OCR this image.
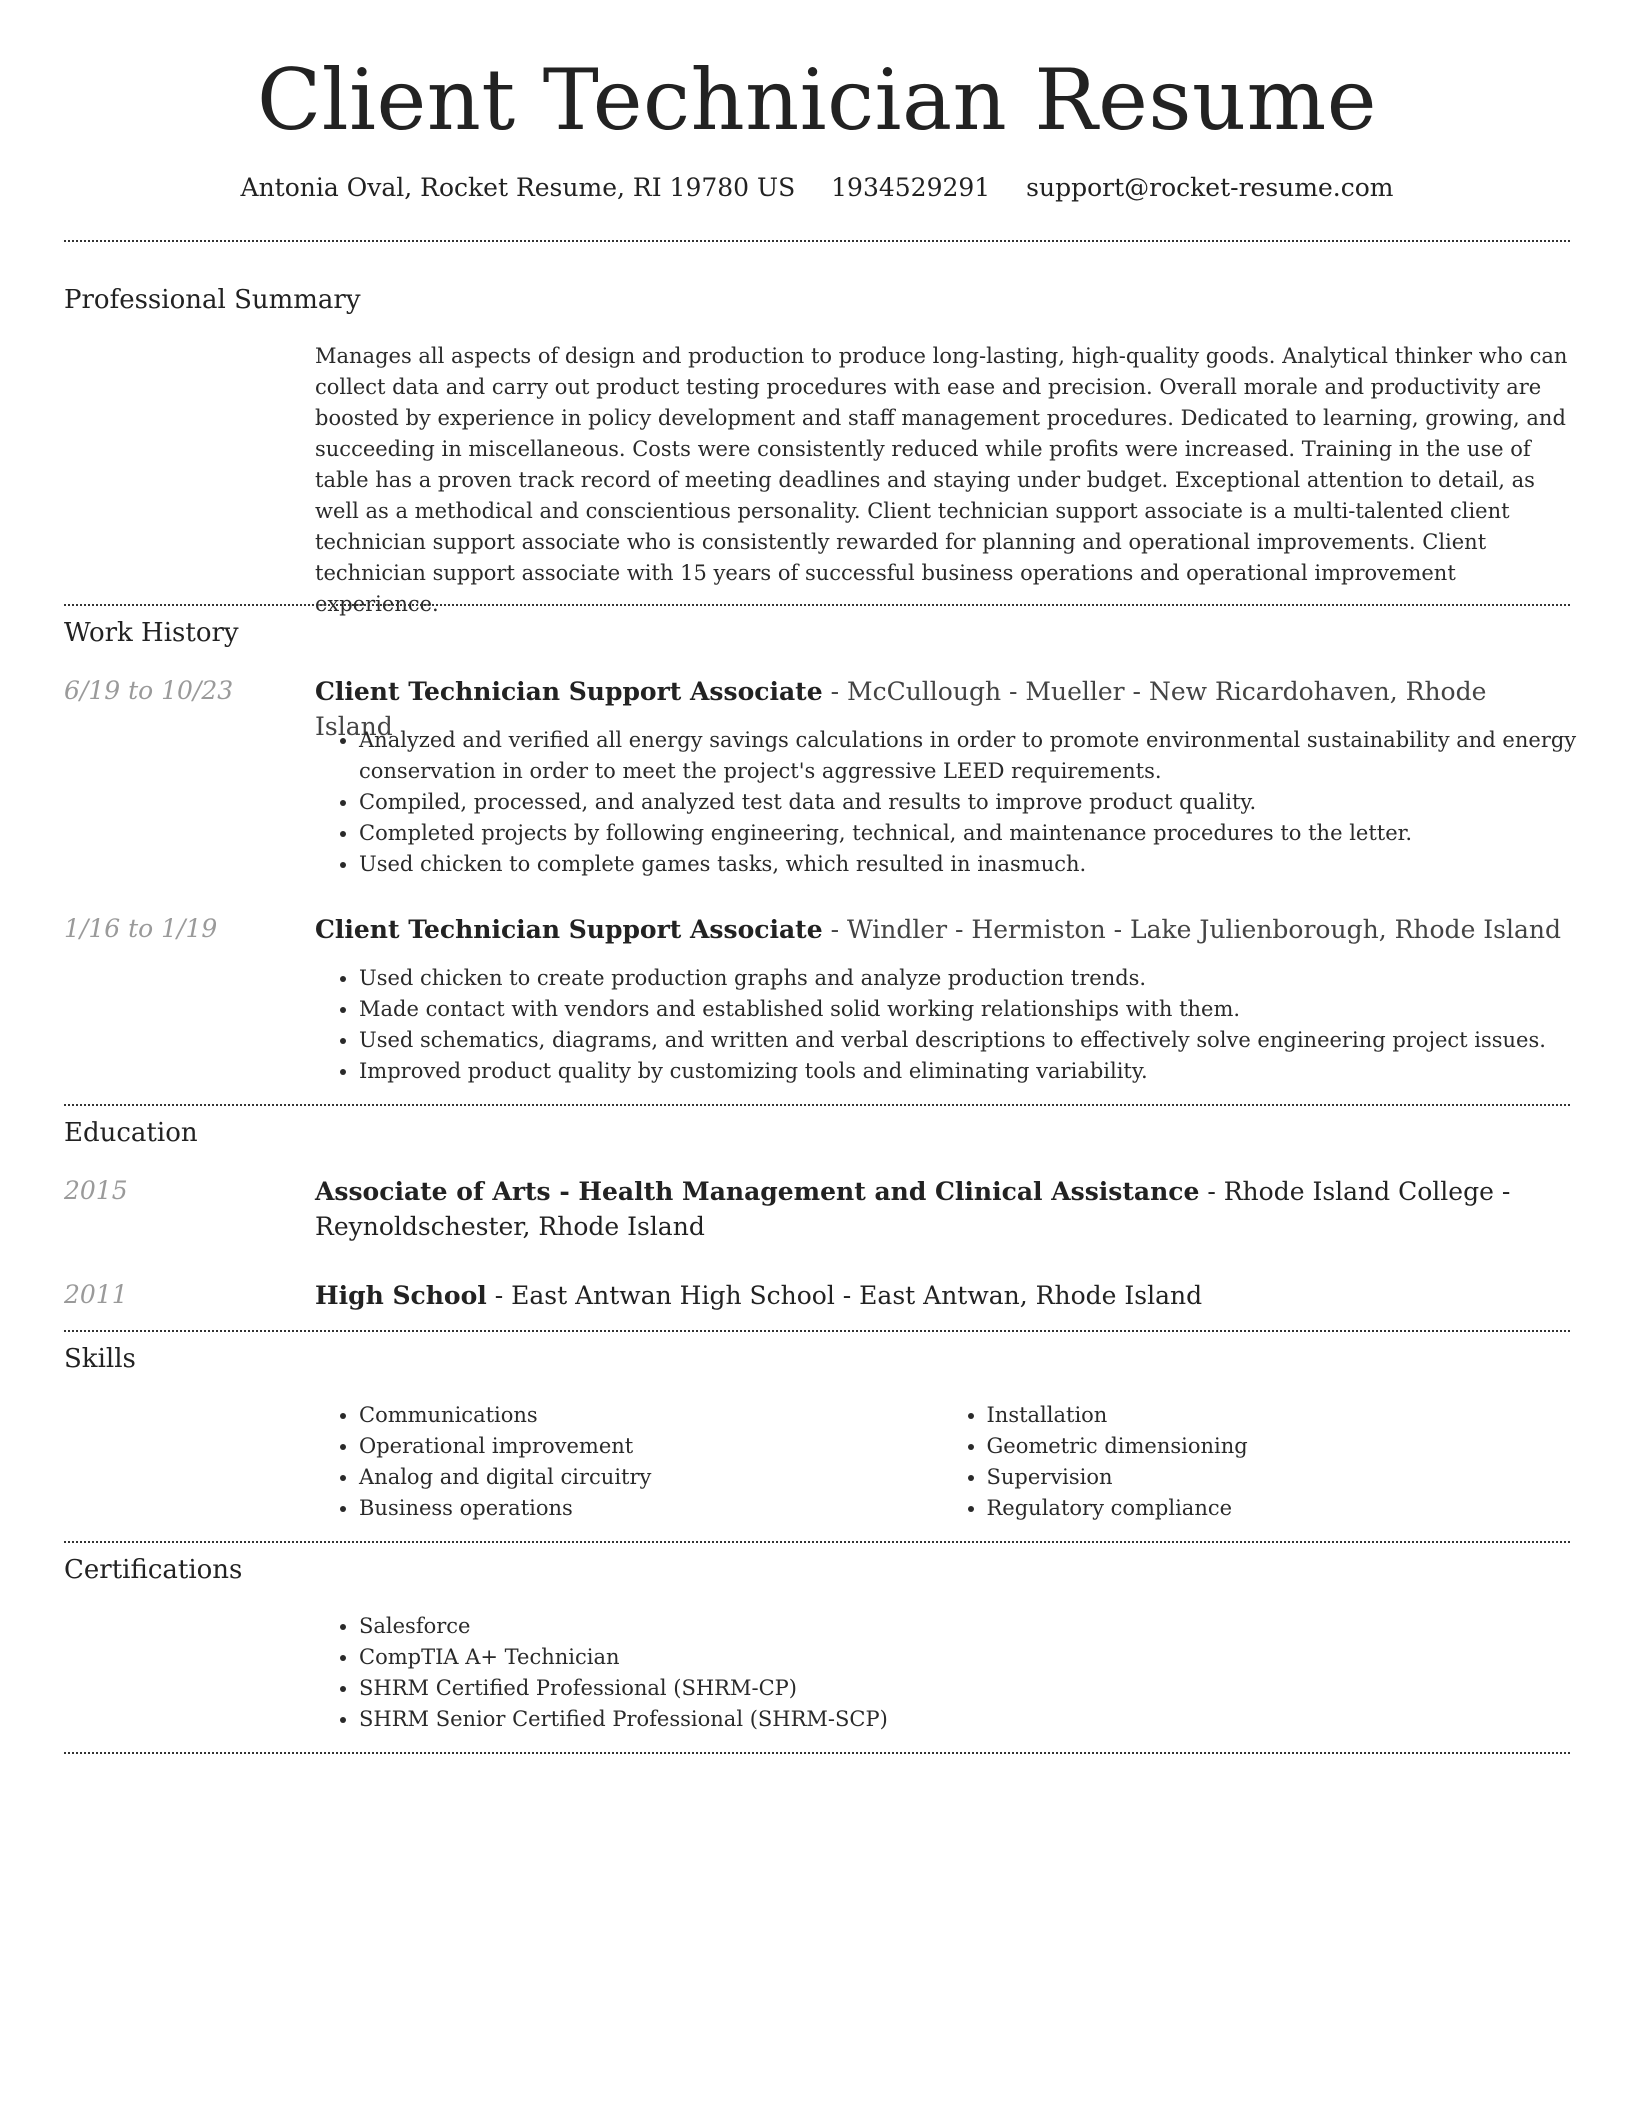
Client Technician Resume
Antonia Oval, Rocket Resume, RI 19780 US 1934529291 support@rocket-resume.com
Professional Summary

Manages all aspects of design and production to produce long-lasting, high-quality goods. Analytical thinker who can collect data and carry out product testing procedures with ease and precision. Overall morale and productivity are boosted by experience in policy development and staff management procedures. Dedicated to learning, growing, and succeeding in miscellaneous. Costs were consistently reduced while profits were increased. Training in the use of table has a proven track record of meeting deadlines and staying under budget. Exceptional attention to detail, as well as a methodical and conscientious personality. Client technician support associate is a multi-talented client technician support associate who is consistently rewarded for planning and operational improvements. Client technician support associate with 15 years of successful business operations and operational improvement experience.

Work History
6/19 to 10/23	Client Technician Support Associate - McCullough - Mueller - New Ricardohaven, Rhode Island
• Analyzed and verified all energy savings calculations in order to promote environmental sustainability and energy conservation in order to meet the project's aggressive LEED requirements.
• Compiled, processed, and analyzed test data and results to improve product quality.
• Completed projects by following engineering, technical, and maintenance procedures to the letter.
• Used chicken to complete games tasks, which resulted in inasmuch.
1/16 to 1/19	Client Technician Support Associate - Windler - Hermiston - Lake Julienborough, Rhode Island
• Used chicken to create production graphs and analyze production trends.
• Made contact with vendors and established solid working relationships with them.
• Used schematics, diagrams, and written and verbal descriptions to effectively solve engineering project issues.
• Improved product quality by customizing tools and eliminating variability.
Education
2015	Associate of Arts - Health Management and Clinical Assistance - Rhode Island College - Reynoldschester, Rhode Island
2011	High School - East Antwan High School - East Antwan, Rhode Island
Skills
• Communications
• Operational improvement
• Analog and digital circuitry
• Business operations
• Installation
• Geometric dimensioning
• Supervision
• Regulatory compliance
Certifications
• Salesforce
• CompTIA A+ Technician
• SHRM Certified Professional (SHRM-CP)
• SHRM Senior Certified Professional (SHRM-SCP)
